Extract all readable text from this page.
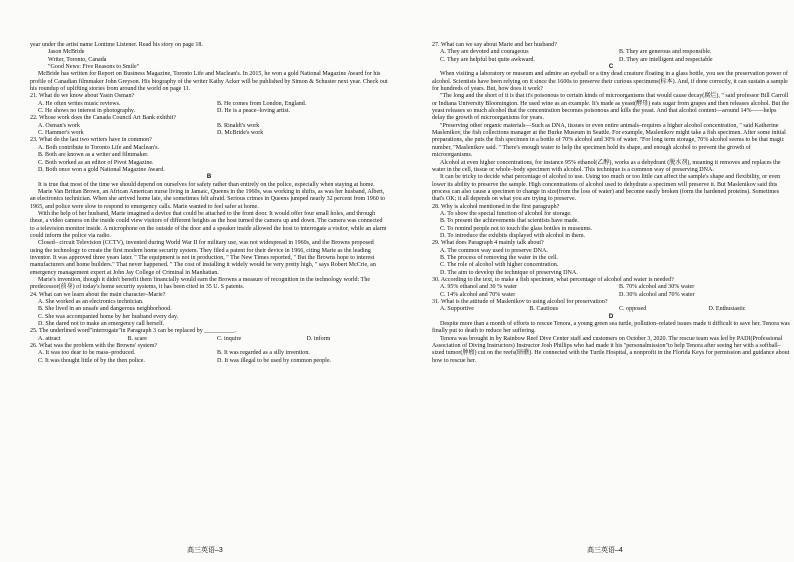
year under the artist name Lontime Listener. Read his story on page 18.

Jason McBride

Writer, Toronto, Canada

"Good News: Five Reasons to Smile"

McBride has written for Report on Business Magazine, Toronto Life and Maclean's. In 2015, he won a gold National Magazine Award for his profile of Canadian filmmaker John Greyson. His biography of the writer Kathy Acker will be published by Simon & Schuster next year. Check out his roundup of uplifting stories from around the world on page 11.

21. What do we know about Yasin Osman?

A. He often writes music reviews.	B. He comes from London, England.
C. He shows no interest in photography.	D. He is a peace–loving artist.

22. Whose work does the Canada Council Art Bank exhibit?

A. Osman's work	B. Rinaldi's work
C. Hammer's work	D. McBride's work

23. What do the last two writers have in common?

A. Both contribute to Toronto Life and Maclean's.
B. Both are known as a writer and filmmaker.
C. Both worked as an editor of Pivot Magazine.
D. Both once won a gold National Magazine Award.

B

It is true that most of the time we should depend on ourselves for safety rather than entirely on the police, especially when staying at home.

Marie Van Brittan Brown, an African American nurse living in Jamaic, Queens in the 1960s, was working in shifts, as was her husband, Albert, an electronics technician. When she arrived home late, she sometimes felt afraid. Serious crimes in Queens jumped nearly 32 percent from 1960 to 1965, and police were slow to respond to emergency calls. Marie wanted to feel safer at home.

With the help of her husband, Marie imagined a device that could be attached to the front door. It would offer four small holes, and through these, a video camera on the inside could view visitors of different heights as the host turned the camera up and down. The camera was connected to a television monitor inside. A microphone on the outside of the door and a speaker inside allowed the host to interrogate a visitor, while an alarm could inform the police via radio.

Closed– circuit Television (CCTV), invented during World War II for military use, was not widespread in 1960s, and the Browns proposed using the technology to create the first modern home security system. They filed a patent for their device in 1966, citing Marie as the leading inventor. It was approved three years later. " The equipment is not in production, " The New Times reported, " But the Browns hope to interest manufacturers and home builders." That never happened. " The cost of installing it widely would be very pretty high, " says Robert McCrie, an emergency management expert at John Jay College of Criminal in Manhattan.

Marie's invention, though it didn't benefit them financially would earn the Browns a measure of recognition in the technology world: The predecessor(前身) of today's home security systems, it has been cited in 35 U. S patents.

24. What can we learn about the main character–Marie?

A. She worked as an electronics technician.
B. She lived in an unsafe and dangerous neighborhood.
C. She was accompanied home by her husband every day.
D. She dared not to make an emergency call herself.

25. The underlined word"interrogate"in Paragraph 3 can be replaced by __________.

A. attract	B. scare	C. inquire	D. inform

26. What was the problem with the Browns' system?

A. It was too dear to be mass–produced.	B. It was regarded as a silly invention.
C. It was thought little of by the then police.	D. It was illegal to be used by common people.

27. What can we say about Marie and her husband?

A. They are devoted and courageous	B. They are generous and responsible.
C. They are helpful but quite awkward.	D. They are intelligent and respectable

C

When visiting a laboratory or museum and admire an eyeball or a tiny dead creature floating in a glass bottle, you see the preservation power of alcohol. Scientists have been relying on it since the 1600s to preserve their curious specimens(标本). And, if done correctly, it can sustain a sample for hundreds of years. But, how does it work?

"The long and the short of it is that it's poisonous to certain kinds of microorganisms that would cause decay(腐烂), " said professor Bill Carroll or Indiana University Bloomington. He used wine as an example. It's made as yeast(酵母) eats sugar from grapes and then releases alcohol. But the yeast releases so much alcohol that the concentration becomes poisonous and kills the yeast. And that alcohol content—around 14%——helps delay the growth of microorganisms for years.

"Preserving other organic materials—Such as DNA, tissues or even entire animals–requires a higher alcohol concentration, " said Katherine Maslenikov, the fish collections manager at the Burke Museum in Seattle. For example, Maslenikov might take a fish specimen. After some initial preparations, she puts the fish specimen in a bottle of 70% alcohol and 30% of water. "For long term storage, 70% alcohol seems to be that magic number, "Maslenikov said. " There's enough water to help the specimen hold its shape, and enough alcohol to prevent the growth of microorganisms.

Alcohol at even higher concentrations, for instance 95% ethanol(乙醇), works as a dehydrant (脱水剂), meaning it removes and replaces the water in the cell, tissue or whole–body specimen with alcohol. This technique is a common way of preserving DNA.

It can be tricky to decide what percentage of alcohol to use. Using too much or too little can affect the sample's shape and flexibility, or even lower its ability to preserve the sample. High concentrations of alcohol used to dehydrate a specimen will preserve it. But Maslenikov said this process can also cause a specimen to change in size(from the loss of water) and become easily broken (form the hardened proteins). Sometimes that's OK; it all depends on what you are trying to preserve.

28. Why is alcohol mentioned in the first paragraph?

A. To show the special function of alcohol for storage.
B. To present the achievements that scientists have made.
C. To remind people not to touch the glass bottles in museums.
D. To introduce the exhibits displayed with alcohol in them.

29. What does Paragraph 4 mainly talk about?

A. The common way used to preserve DNA.
B. The process of removing the water in the cell.
C. The role of alcohol with higher concentration.
D. The aim to develop the technique of preserving DNA.

30. According to the text, to make a fish specimen, what percentage of alcohol and water is needed?

A. 95% ethanol and 30 % water	B. 70% alcohol and 30% water
C. 14% alcohol and 70% water	D. 30% alcohol and 70% water

31. What is the attitude of Maslenikov to using alcohol for preservation?

A. Supportive	B. Cautious	C. opposed	D. Enthusiastic

D

Despite more than a month of efforts to rescue Tenora, a young green sea turtle, pollution–related issues made it difficult to save her. Tenora was finally put to death to reduce her suffering.

Tenora was brought in by Rainbow Reef Dive Center staff and customers on October 3, 2020. The rescue team was led by PADI(Professional Association of Diving Instructors) Instructor Josh Phillips who had made it his "personalmission"to help Tenora after seeing her with a softball–sized tumor(肿瘤) cut on the reefs(暗礁). He connected with the Turtle Hospital, a nonprofit in the Florida Keys for permission and guidance about how to rescue her.

高三英语–3	高三英语–4
